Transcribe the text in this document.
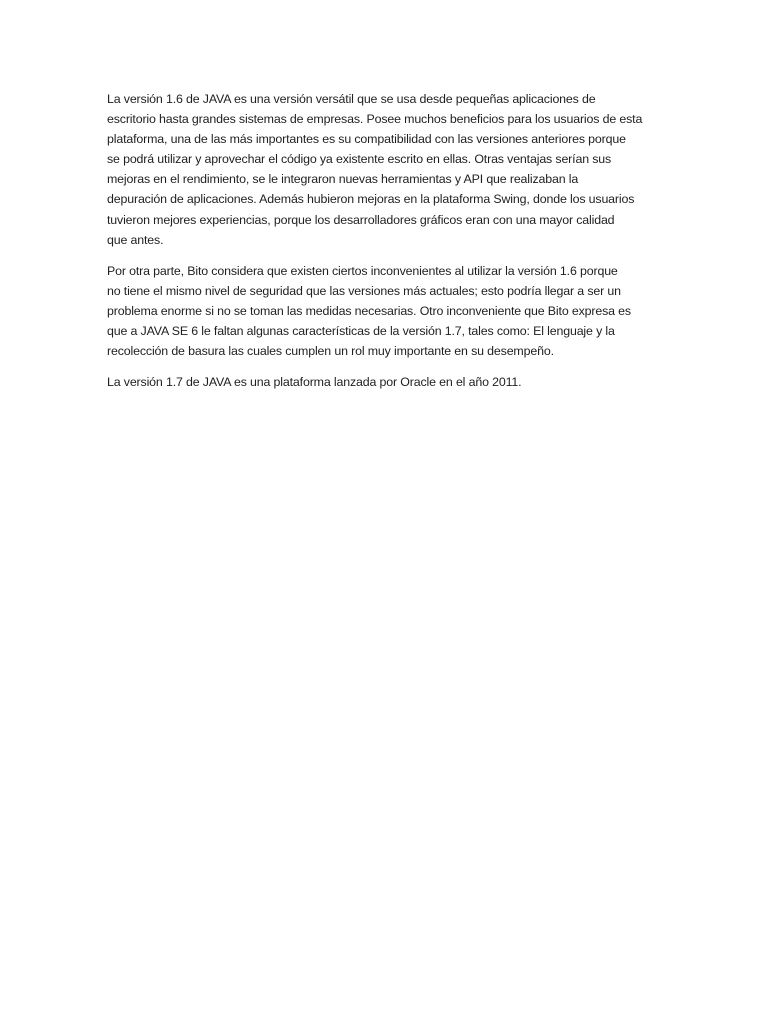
La versión 1.6 de JAVA es una versión versátil que se usa desde pequeñas aplicaciones de
escritorio hasta grandes sistemas de empresas. Posee muchos beneficios para los usuarios de esta
plataforma, una de las más importantes es su compatibilidad con las versiones anteriores porque
se podrá utilizar y aprovechar el código ya existente escrito en ellas. Otras ventajas serían sus
mejoras en el rendimiento, se le integraron nuevas herramientas y API que realizaban la
depuración de aplicaciones. Además hubieron mejoras en la plataforma Swing, donde los usuarios
tuvieron mejores experiencias, porque los desarrolladores gráficos eran con una mayor calidad
que antes.

Por otra parte, Bito considera que existen ciertos inconvenientes al utilizar la versión 1.6 porque
no tiene el mismo nivel de seguridad que las versiones más actuales; esto podría llegar a ser un
problema enorme si no se toman las medidas necesarias. Otro inconveniente que Bito expresa es
que a JAVA SE 6 le faltan algunas características de la versión 1.7, tales como: El lenguaje y la
recolección de basura las cuales cumplen un rol muy importante en su desempeño.

La versión 1.7 de JAVA es una plataforma lanzada por Oracle en el año 2011.
